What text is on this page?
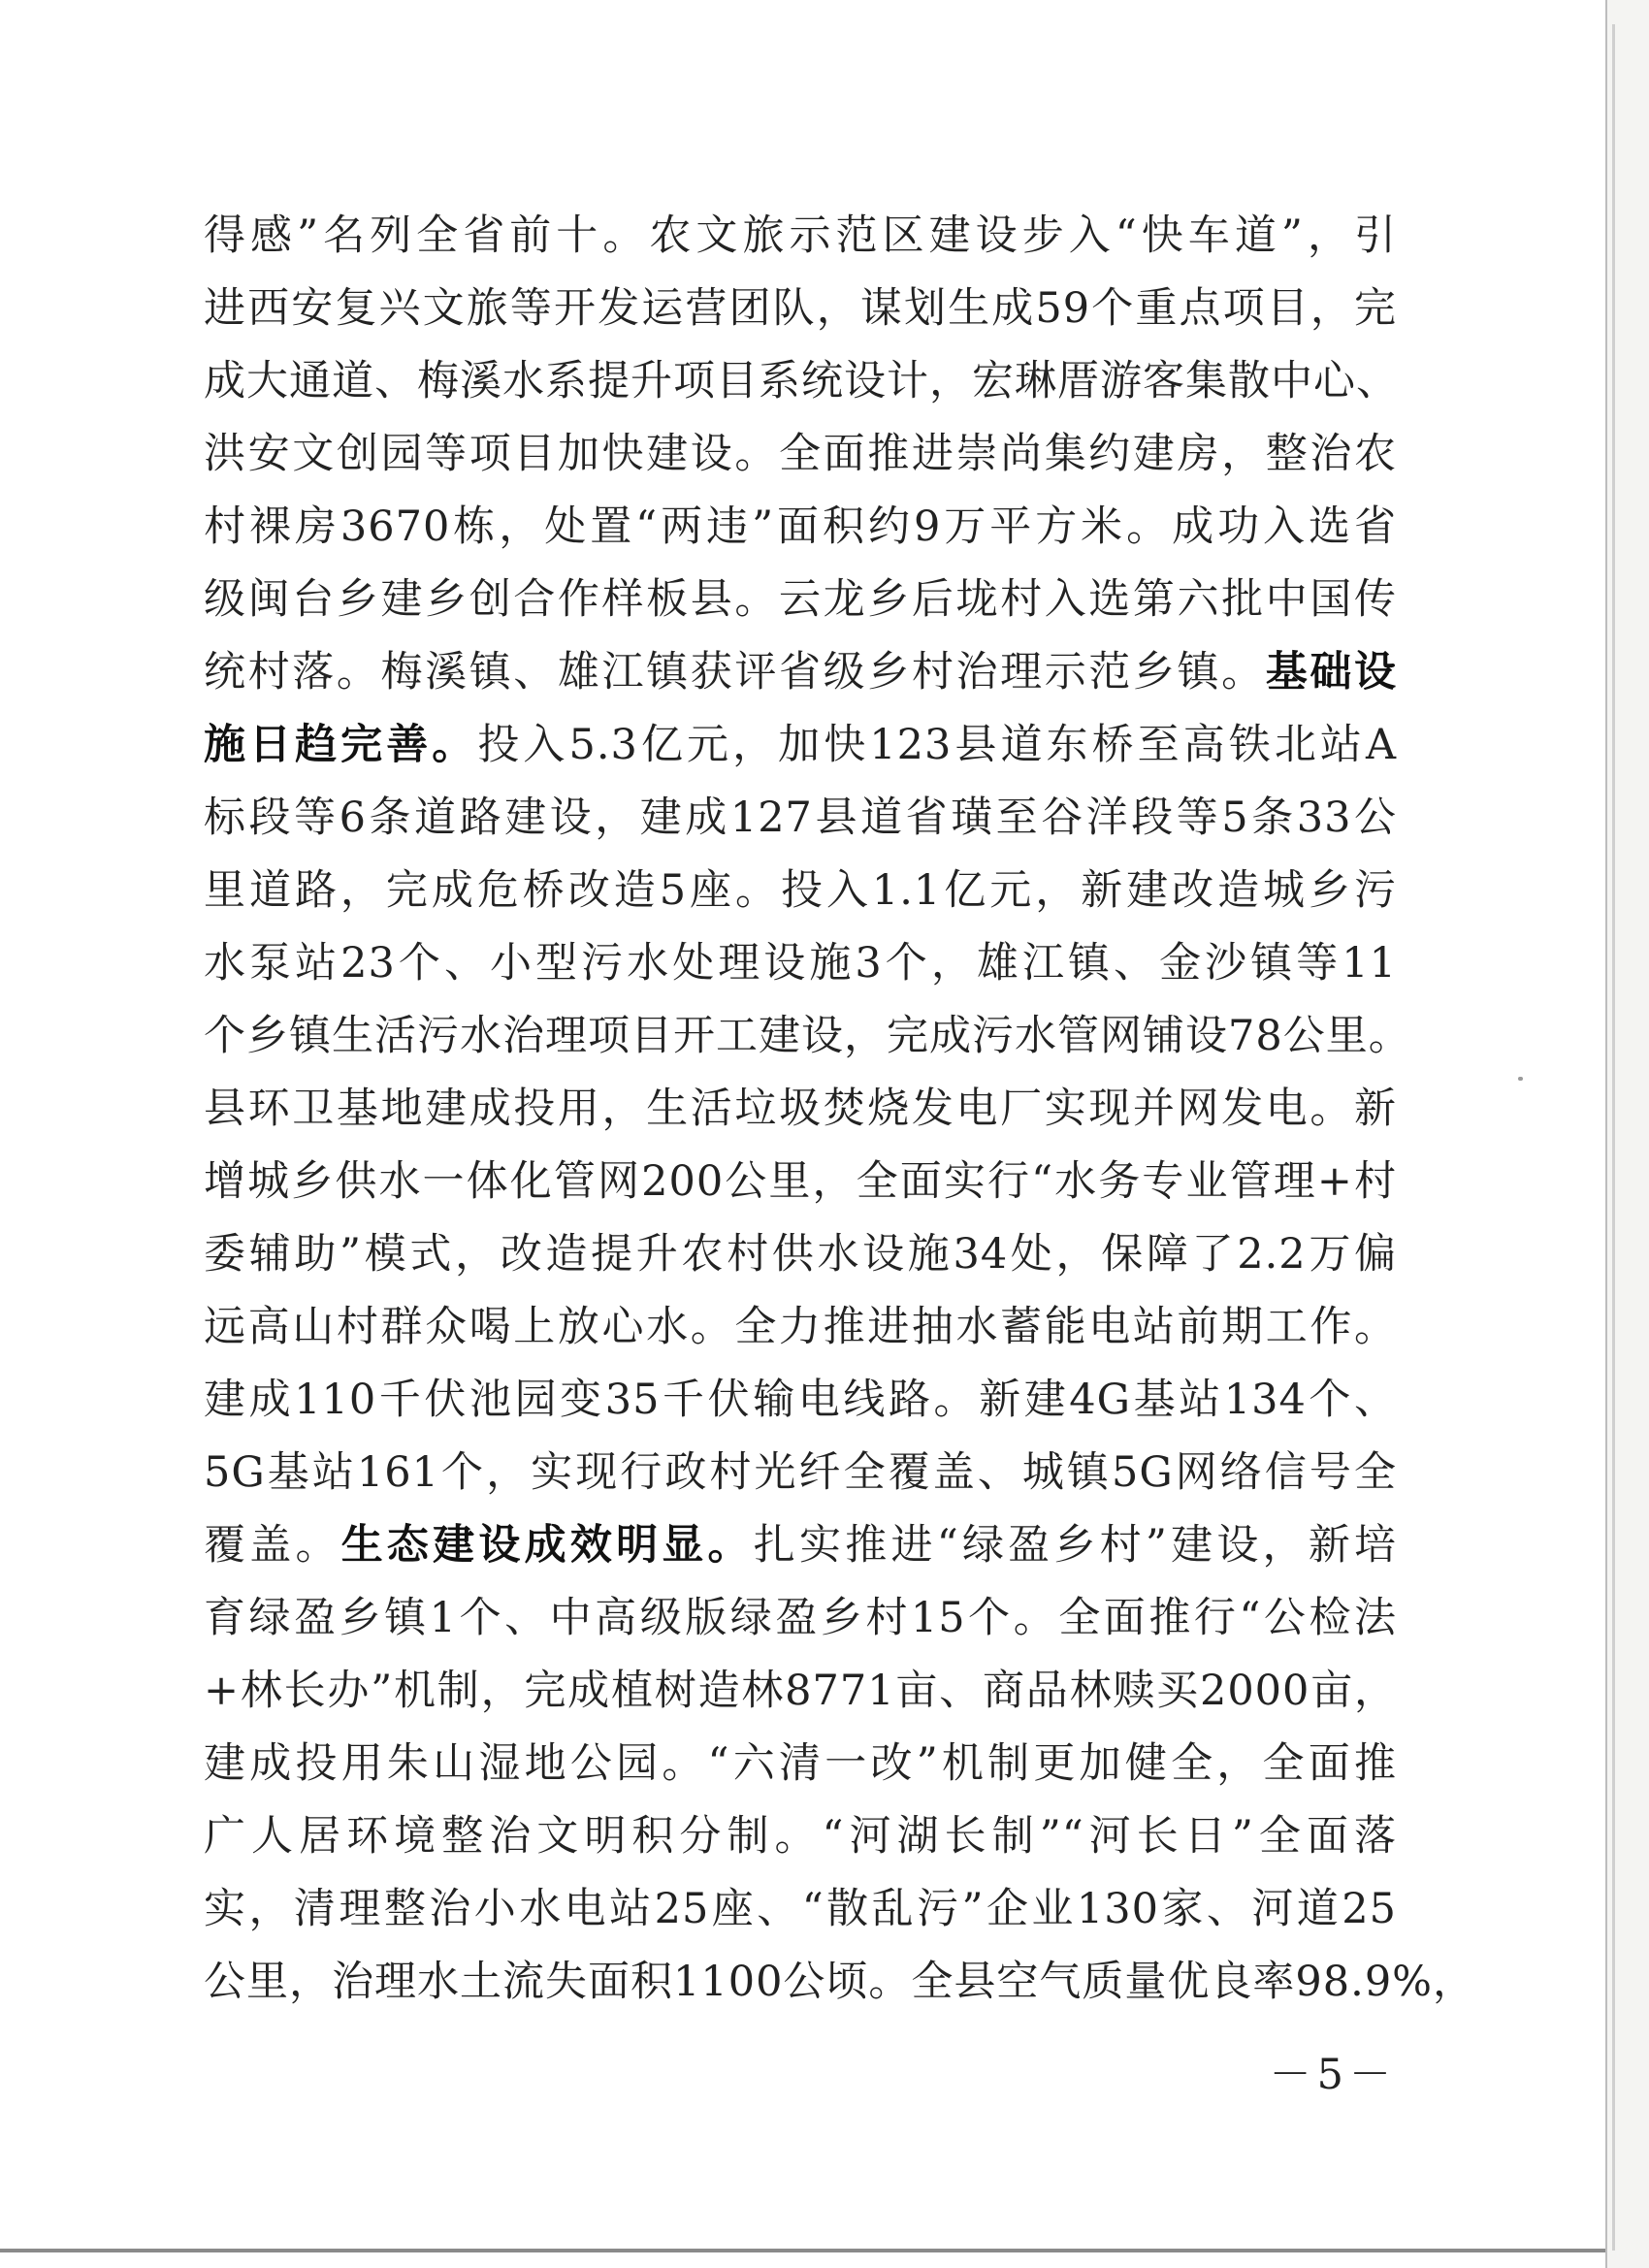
得感”名列全省前十。农文旅示范区建设步入“快车道”，引
进西安复兴文旅等开发运营团队，谋划生成59个重点项目，完
成大通道、梅溪水系提升项目系统设计，宏琳厝游客集散中心、
洪安文创园等项目加快建设。全面推进崇尚集约建房，整治农
村裸房3670栋，处置“两违”面积约9万平方米。成功入选省
级闽台乡建乡创合作样板县。云龙乡后垅村入选第六批中国传
统村落。梅溪镇、雄江镇获评省级乡村治理示范乡镇。基础设
施日趋完善。投入5.3亿元，加快123县道东桥至高铁北站A
标段等6条道路建设，建成127县道省璜至谷洋段等5条33公
里道路，完成危桥改造5座。投入1.1亿元，新建改造城乡污
水泵站23个、小型污水处理设施3个，雄江镇、金沙镇等11
个乡镇生活污水治理项目开工建设，完成污水管网铺设78公里。
县环卫基地建成投用，生活垃圾焚烧发电厂实现并网发电。新
增城乡供水一体化管网200公里，全面实行“水务专业管理+村
委辅助”模式，改造提升农村供水设施34处，保障了2.2万偏
远高山村群众喝上放心水。全力推进抽水蓄能电站前期工作。
建成110千伏池园变35千伏输电线路。新建4G基站134个、
5G基站161个，实现行政村光纤全覆盖、城镇5G网络信号全
覆盖。生态建设成效明显。扎实推进“绿盈乡村”建设，新培
育绿盈乡镇1个、中高级版绿盈乡村15个。全面推行“公检法
+林长办”机制，完成植树造林8771亩、商品林赎买2000亩，
建成投用朱山湿地公园。“六清一改”机制更加健全，全面推
广人居环境整治文明积分制。“河湖长制”“河长日”全面落
实，清理整治小水电站25座、“散乱污”企业130家、河道25
公里，治理水土流失面积1100公顷。全县空气质量优良率98.9%，
－5－
